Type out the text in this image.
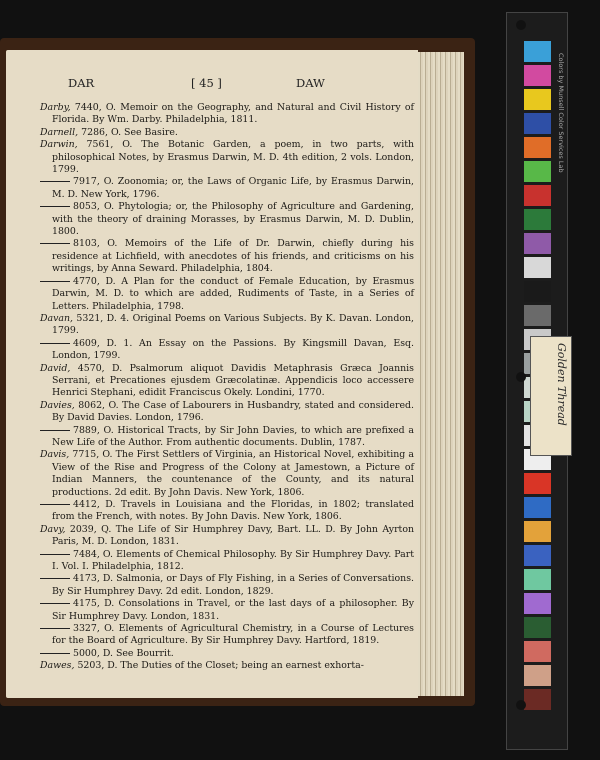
DAR	[ 45 ]	DAW
Darby, 7440, O. Memoir on the Geography, and Natural and Civil History of Florida. By Wm. Darby. Philadelphia, 1811.
Darnell, 7286, O. See Basire.
Darwin, 7561, O. The Botanic Garden, a poem, in two parts, with philosophical Notes, by Erasmus Darwin, M. D. 4th edition, 2 vols. London, 1799.
7917, O. Zoonomia; or, the Laws of Organic Life, by Erasmus Darwin, M. D. New York, 1796.
8053, O. Phytologia; or, the Philosophy of Agriculture and Gardening, with the theory of draining Morasses, by Erasmus Darwin, M. D. Dublin, 1800.
8103, O. Memoirs of the Life of Dr. Darwin, chiefly during his residence at Lichfield, with anecdotes of his friends, and criticisms on his writings, by Anna Seward. Philadelphia, 1804.
4770, D. A Plan for the conduct of Female Education, by Erasmus Darwin, M. D. to which are added, Rudiments of Taste, in a Series of Letters. Philadelphia, 1798.
Davan, 5321, D. 4. Original Poems on Various Subjects. By K. Davan. London, 1799.
4609, D. 1. An Essay on the Passions. By Kingsmill Davan, Esq. London, 1799.
David, 4570, D. Psalmorum aliquot Davidis Metaphrasis Græca Joannis Serrani, et Precationes ejusdem Græcolatinæ. Appendicis loco accessere Henrici Stephani, edidit Franciscus Okely. Londini, 1770.
Davies, 8062, O. The Case of Labourers in Husbandry, stated and considered. By David Davies. London, 1796.
7889, O. Historical Tracts, by Sir John Davies, to which are prefixed a New Life of the Author. From authentic documents. Dublin, 1787.
Davis, 7715, O. The First Settlers of Virginia, an Historical Novel, exhibiting a View of the Rise and Progress of the Colony at Jamestown, a Picture of Indian Manners, the countenance of the County, and its natural productions. 2d edit. By John Davis. New York, 1806.
4412, D. Travels in Louisiana and the Floridas, in 1802; translated from the French, with notes. By John Davis. New York, 1806.
Davy, 2039, Q. The Life of Sir Humphrey Davy, Bart. LL. D. By John Ayrton Paris, M. D. London, 1831.
7484, O. Elements of Chemical Philosophy. By Sir Humphrey Davy. Part I. Vol. I. Philadelphia, 1812.
4173, D. Salmonia, or Days of Fly Fishing, in a Series of Conversations. By Sir Humphrey Davy. 2d edit. London, 1829.
4175, D. Consolations in Travel, or the last days of a philosopher. By Sir Humphrey Davy. London, 1831.
3327, O. Elements of Agricultural Chemistry, in a Course of Lectures for the Board of Agriculture. By Sir Humphrey Davy. Hartford, 1819.
5000, D. See Bourrit.
Dawes, 5203, D. The Duties of the Closet; being an earnest exhorta-
Colors by Munsell Color Services Lab
Golden Thread
